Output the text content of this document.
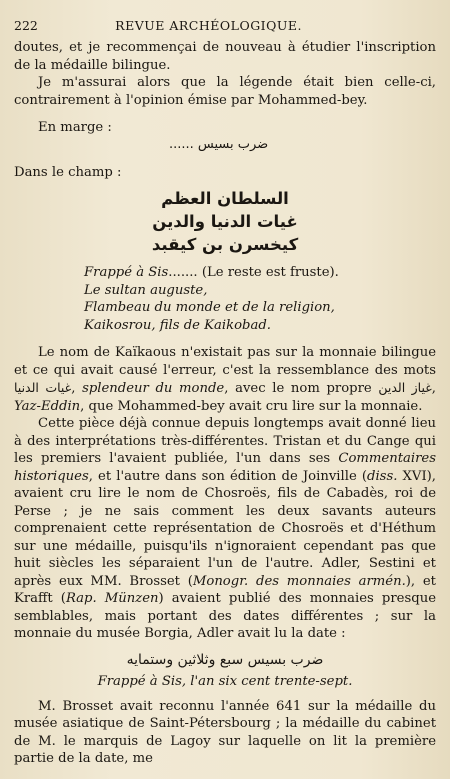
222	REVUE ARCHÉOLOGIQUE.

doutes, et je recommençai de nouveau à étudier l'inscription de la médaille bilingue.

Je m'assurai alors que la légende était bien celle-ci, contrairement à l'opinion émise par Mohammed-bey.

En marge :
ضرب بسيس ......
Dans le champ :
السلطان العظم
غيات الدنيا والدين
كيخسرن بن كيقبد
Frappé à Sis....... (Le reste est fruste).
Le sultan auguste,
Flambeau du monde et de la religion,
Kaikosrou, fils de Kaikobad.

Le nom de Kaïkaous n'existait pas sur la monnaie bilingue et ce qui avait causé l'erreur, c'est la ressemblance des mots غيات الدنيا, splendeur du monde, avec le nom propre غياز الدين, Yaz-Eddin, que Mohammed-bey avait cru lire sur la monnaie.

Cette pièce déjà connue depuis longtemps avait donné lieu à des interprétations très-différentes. Tristan et du Cange qui les premiers l'avaient publiée, l'un dans ses Commentaires historiques, et l'autre dans son édition de Joinville (diss. XVI), avaient cru lire le nom de Chosroës, fils de Cabadès, roi de Perse ; je ne sais comment les deux savants auteurs comprenaient cette représentation de Chosroës et d'Héthum sur une médaille, puisqu'ils n'ignoraient cependant pas que huit siècles les séparaient l'un de l'autre. Adler, Sestini et après eux MM. Brosset (Monogr. des monnaies armén.), et Krafft (Rap. Münzen) avaient publié des monnaies presque semblables, mais portant des dates différentes ; sur la monnaie du musée Borgia, Adler avait lu la date :

ضرب بسيس سبع وثلاثين وستمايه
Frappé à Sis, l'an six cent trente-sept.

M. Brosset avait reconnu l'année 641 sur la médaille du musée asiatique de Saint-Pétersbourg ; la médaille du cabinet de M. le marquis de Lagoy sur laquelle on lit la première partie de la date, me
